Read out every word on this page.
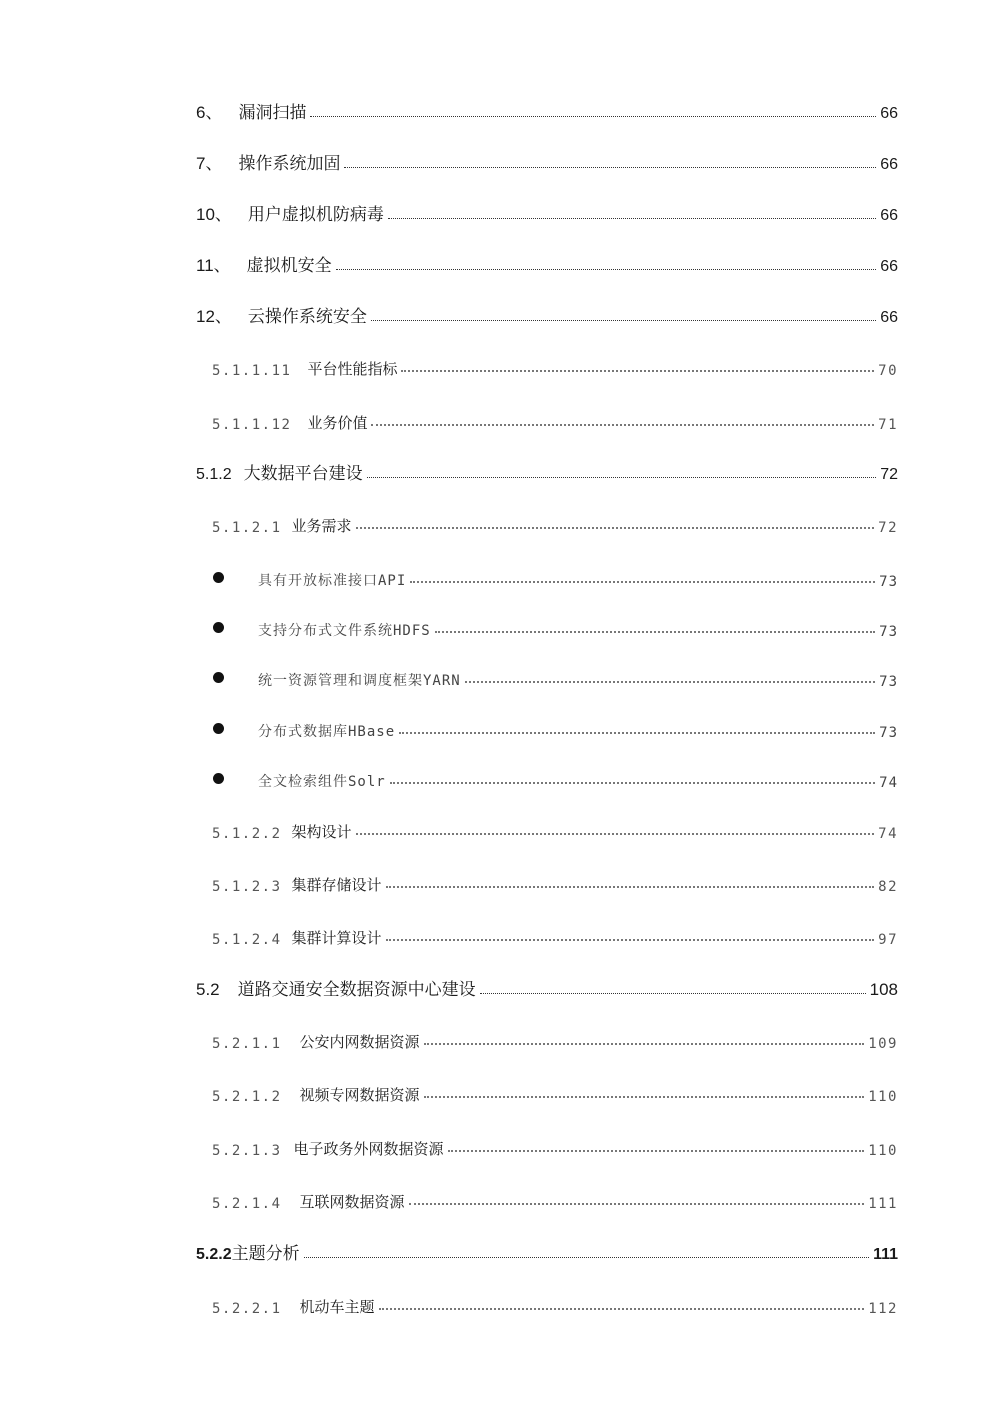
6、 漏洞扫描	66
7、 操作系统加固	66
10、 用户虚拟机防病毒	66
11、 虚拟机安全	66
12、 云操作系统安全	66
5.1.1.11 平台性能指标	70
5.1.1.12 业务价值	71
5.1.2 大数据平台建设	72
5.1.2.1 业务需求	72
具有开放标准接口API	73
支持分布式文件系统HDFS	73
统一资源管理和调度框架YARN	73
分布式数据库HBase	73
全文检索组件Solr	74
5.1.2.2 架构设计	74
5.1.2.3 集群存储设计	82
5.1.2.4 集群计算设计	97
5.2 道路交通安全数据资源中心建设	108
5.2.1.1 公安内网数据资源	109
5.2.1.2 视频专网数据资源	110
5.2.1.3 电子政务外网数据资源	110
5.2.1.4 互联网数据资源	111
5.2.2 主题分析	111
5.2.2.1 机动车主题	112
